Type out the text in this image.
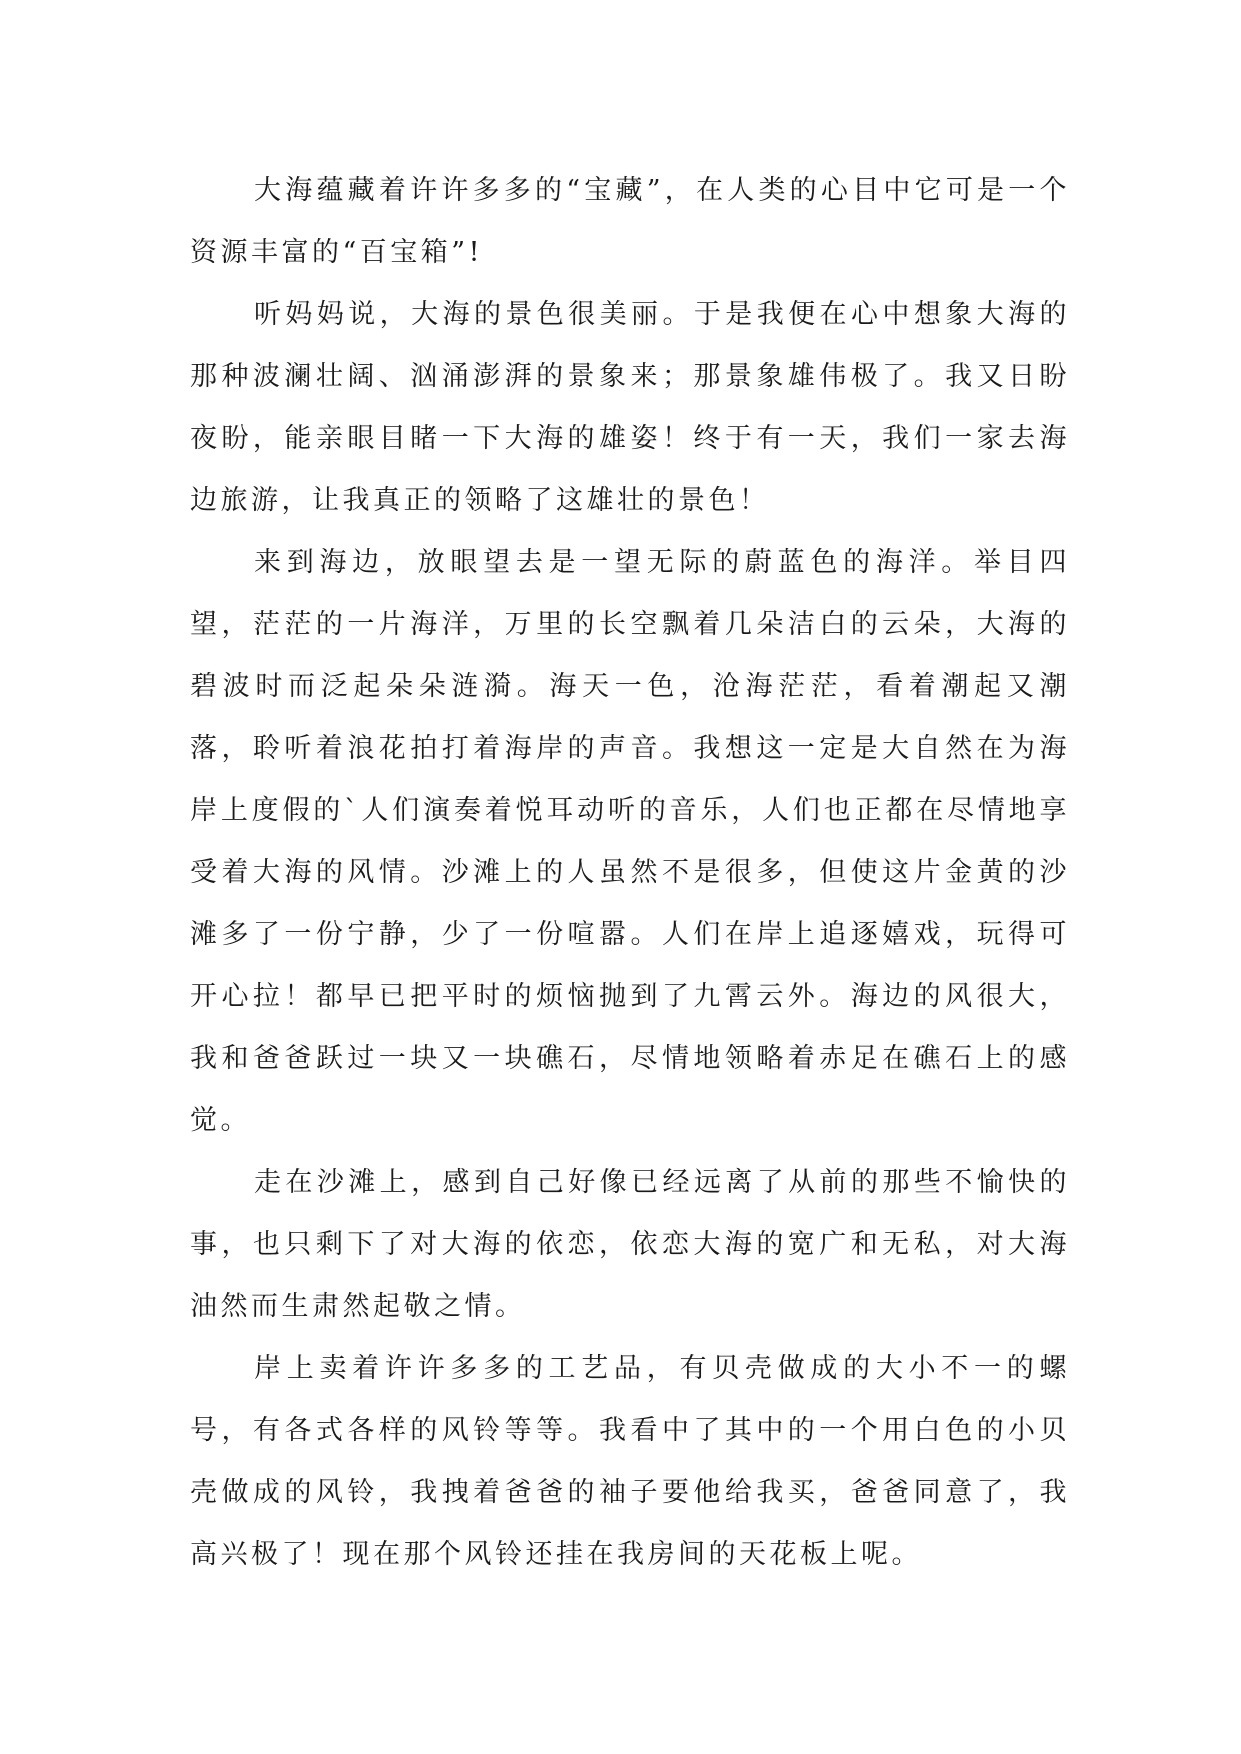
大海蕴藏着许许多多的“宝藏”，在人类的心目中它可是一个资源丰富的“百宝箱”!

听妈妈说，大海的景色很美丽。于是我便在心中想象大海的那种波澜壮阔、汹涌澎湃的景象来；那景象雄伟极了。我又日盼夜盼，能亲眼目睹一下大海的雄姿！终于有一天，我们一家去海边旅游，让我真正的领略了这雄壮的景色！

来到海边，放眼望去是一望无际的蔚蓝色的海洋。举目四望，茫茫的一片海洋，万里的长空飘着几朵洁白的云朵，大海的碧波时而泛起朵朵涟漪。海天一色，沧海茫茫，看着潮起又潮落，聆听着浪花拍打着海岸的声音。我想这一定是大自然在为海岸上度假的`人们演奏着悦耳动听的音乐，人们也正都在尽情地享受着大海的风情。沙滩上的人虽然不是很多，但使这片金黄的沙滩多了一份宁静，少了一份喧嚣。人们在岸上追逐嬉戏，玩得可开心拉！都早已把平时的烦恼抛到了九霄云外。海边的风很大，我和爸爸跃过一块又一块礁石，尽情地领略着赤足在礁石上的感觉。

走在沙滩上，感到自己好像已经远离了从前的那些不愉快的事，也只剩下了对大海的依恋，依恋大海的宽广和无私，对大海油然而生肃然起敬之情。

岸上卖着许许多多的工艺品，有贝壳做成的大小不一的螺号，有各式各样的风铃等等。我看中了其中的一个用白色的小贝壳做成的风铃，我拽着爸爸的袖子要他给我买，爸爸同意了，我高兴极了！现在那个风铃还挂在我房间的天花板上呢。
